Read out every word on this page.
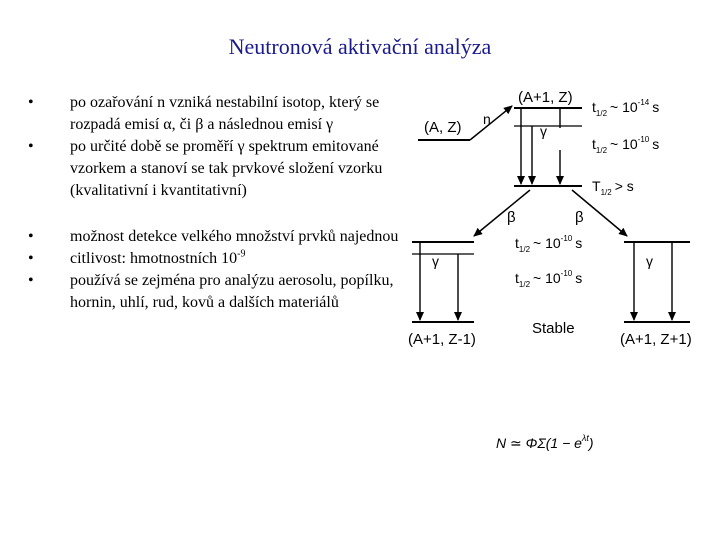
Neutronová aktivační analýza
• po ozařování n vzniká nestabilní isotop, který se rozpadá emisí α, či β a následnou emisí γ
• po určité době se proměří γ spektrum emitované vzorkem a stanoví se tak prvkové složení vzorku (kvalitativní i kvantitativní)
• možnost detekce velkého množství prvků najednou
• citlivost: hmotnostních $10^{-9}$
• používá se zejména pro analýzu aerosolu, popílku, hornin, uhlí, rud, kovů a dalších materiálů
(A, Z) n
(A+1, Z)
γ
$t_{1/2}$ ~ $10^{-14}$ s
$t_{1/2}$ ~ $10^{-10}$ s
$T_{1/2} > s$
β	β
γ
(A+1, Z-1)
γ
(A+1, Z+1)
$t_{1/2}$ ~ $10^{-10}$ s
$t_{1/2}$ ~ $10^{-10}$ s
Stable
N ≃ $\Phi\Sigma(1 - e^{\lambda t})$
